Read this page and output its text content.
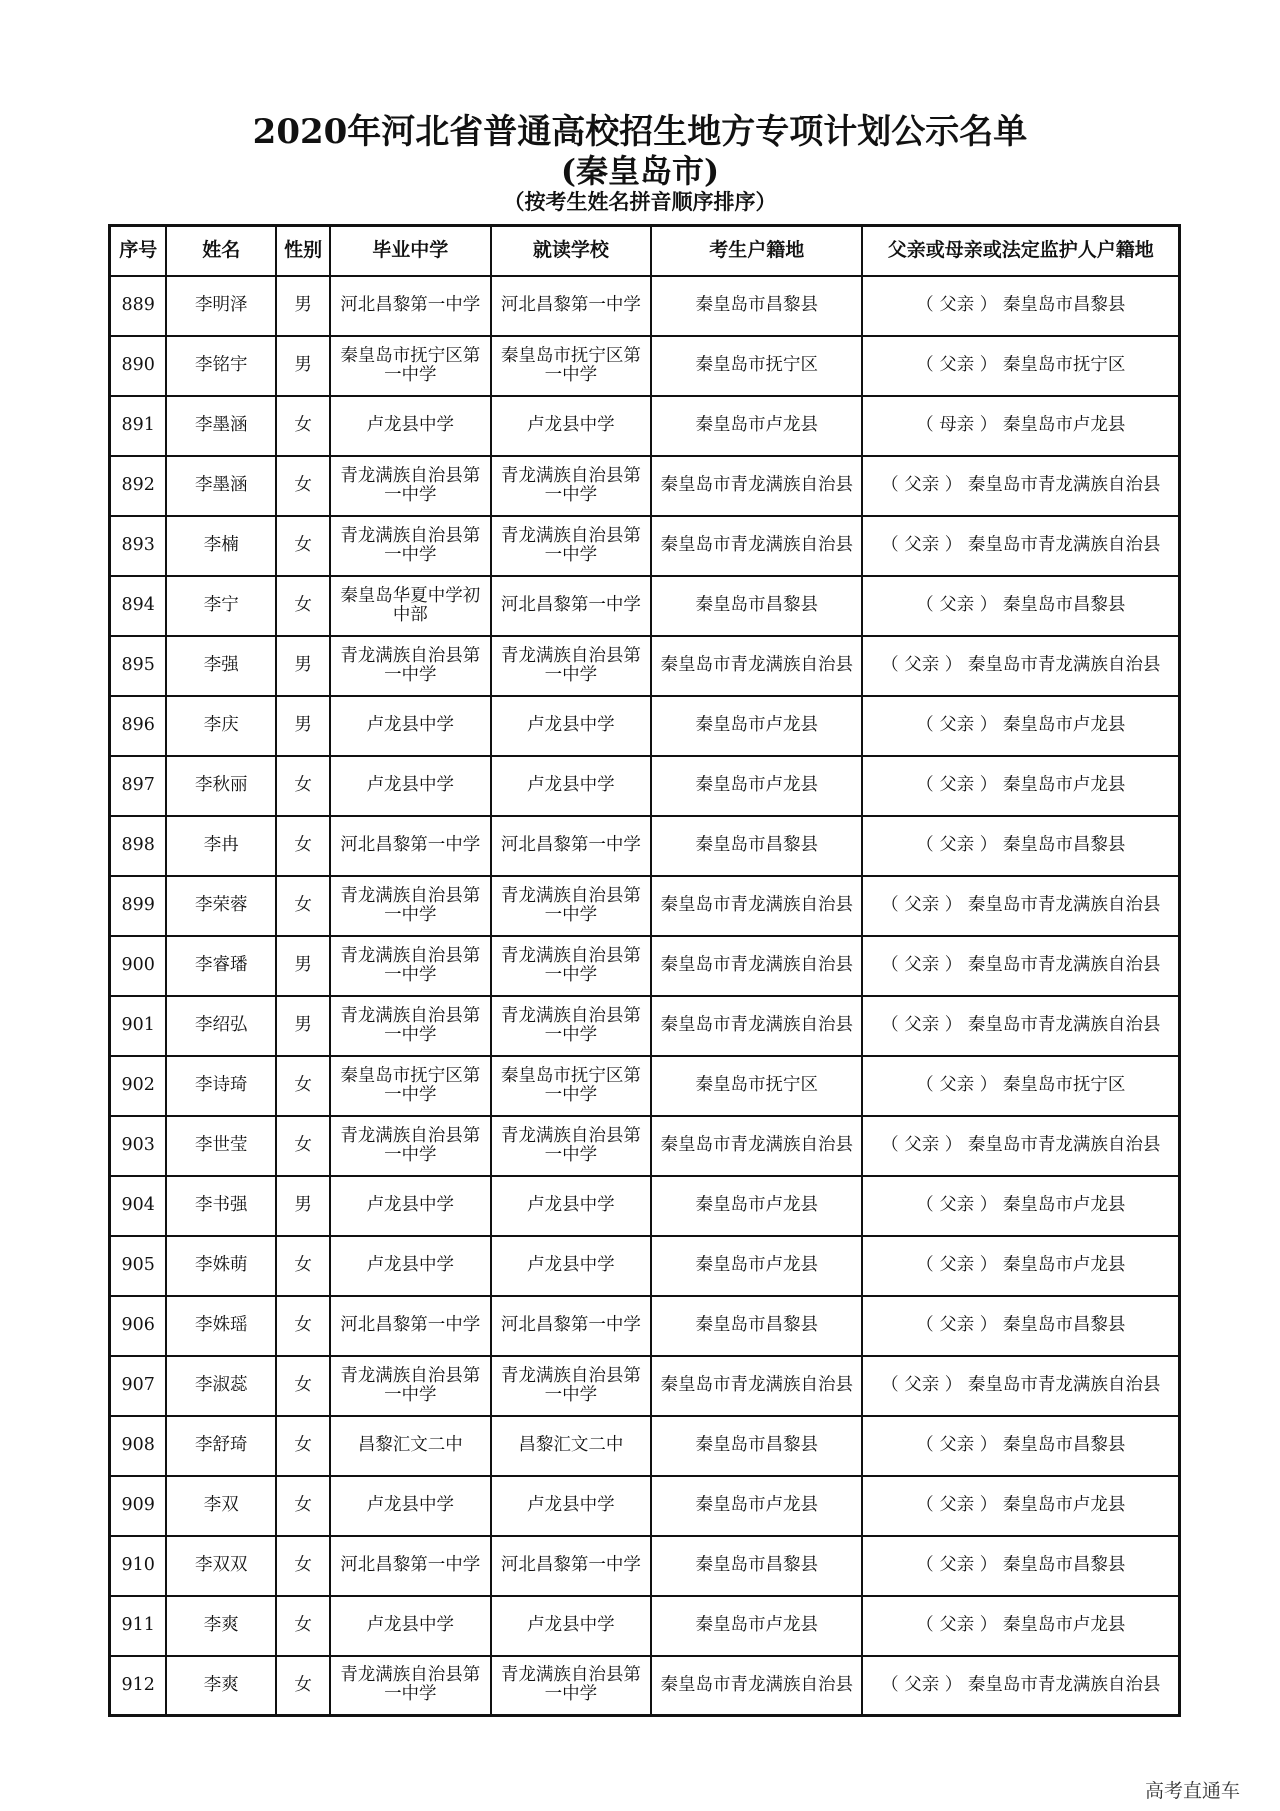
2020年河北省普通高校招生地方专项计划公示名单
(秦皇岛市)
（按考生姓名拼音顺序排序）
序号	姓名	性别	毕业中学	就读学校	考生户籍地	父亲或母亲或法定监护人户籍地
889	李明泽	男	河北昌黎第一中学	河北昌黎第一中学	秦皇岛市昌黎县	（ 父亲 ） 秦皇岛市昌黎县
890	李铭宇	男	秦皇岛市抚宁区第一中学	秦皇岛市抚宁区第一中学	秦皇岛市抚宁区	（ 父亲 ） 秦皇岛市抚宁区
891	李墨涵	女	卢龙县中学	卢龙县中学	秦皇岛市卢龙县	（ 母亲 ） 秦皇岛市卢龙县
892	李墨涵	女	青龙满族自治县第一中学	青龙满族自治县第一中学	秦皇岛市青龙满族自治县	（ 父亲 ） 秦皇岛市青龙满族自治县
893	李楠	女	青龙满族自治县第一中学	青龙满族自治县第一中学	秦皇岛市青龙满族自治县	（ 父亲 ） 秦皇岛市青龙满族自治县
894	李宁	女	秦皇岛华夏中学初中部	河北昌黎第一中学	秦皇岛市昌黎县	（ 父亲 ） 秦皇岛市昌黎县
895	李强	男	青龙满族自治县第一中学	青龙满族自治县第一中学	秦皇岛市青龙满族自治县	（ 父亲 ） 秦皇岛市青龙满族自治县
896	李庆	男	卢龙县中学	卢龙县中学	秦皇岛市卢龙县	（ 父亲 ） 秦皇岛市卢龙县
897	李秋丽	女	卢龙县中学	卢龙县中学	秦皇岛市卢龙县	（ 父亲 ） 秦皇岛市卢龙县
898	李冉	女	河北昌黎第一中学	河北昌黎第一中学	秦皇岛市昌黎县	（ 父亲 ） 秦皇岛市昌黎县
899	李荣蓉	女	青龙满族自治县第一中学	青龙满族自治县第一中学	秦皇岛市青龙满族自治县	（ 父亲 ） 秦皇岛市青龙满族自治县
900	李睿璠	男	青龙满族自治县第一中学	青龙满族自治县第一中学	秦皇岛市青龙满族自治县	（ 父亲 ） 秦皇岛市青龙满族自治县
901	李绍弘	男	青龙满族自治县第一中学	青龙满族自治县第一中学	秦皇岛市青龙满族自治县	（ 父亲 ） 秦皇岛市青龙满族自治县
902	李诗琦	女	秦皇岛市抚宁区第一中学	秦皇岛市抚宁区第一中学	秦皇岛市抚宁区	（ 父亲 ） 秦皇岛市抚宁区
903	李世莹	女	青龙满族自治县第一中学	青龙满族自治县第一中学	秦皇岛市青龙满族自治县	（ 父亲 ） 秦皇岛市青龙满族自治县
904	李书强	男	卢龙县中学	卢龙县中学	秦皇岛市卢龙县	（ 父亲 ） 秦皇岛市卢龙县
905	李姝萌	女	卢龙县中学	卢龙县中学	秦皇岛市卢龙县	（ 父亲 ） 秦皇岛市卢龙县
906	李姝瑶	女	河北昌黎第一中学	河北昌黎第一中学	秦皇岛市昌黎县	（ 父亲 ） 秦皇岛市昌黎县
907	李淑蕊	女	青龙满族自治县第一中学	青龙满族自治县第一中学	秦皇岛市青龙满族自治县	（ 父亲 ） 秦皇岛市青龙满族自治县
908	李舒琦	女	昌黎汇文二中	昌黎汇文二中	秦皇岛市昌黎县	（ 父亲 ） 秦皇岛市昌黎县
909	李双	女	卢龙县中学	卢龙县中学	秦皇岛市卢龙县	（ 父亲 ） 秦皇岛市卢龙县
910	李双双	女	河北昌黎第一中学	河北昌黎第一中学	秦皇岛市昌黎县	（ 父亲 ） 秦皇岛市昌黎县
911	李爽	女	卢龙县中学	卢龙县中学	秦皇岛市卢龙县	（ 父亲 ） 秦皇岛市卢龙县
912	李爽	女	青龙满族自治县第一中学	青龙满族自治县第一中学	秦皇岛市青龙满族自治县	（ 父亲 ） 秦皇岛市青龙满族自治县
高考直通车
